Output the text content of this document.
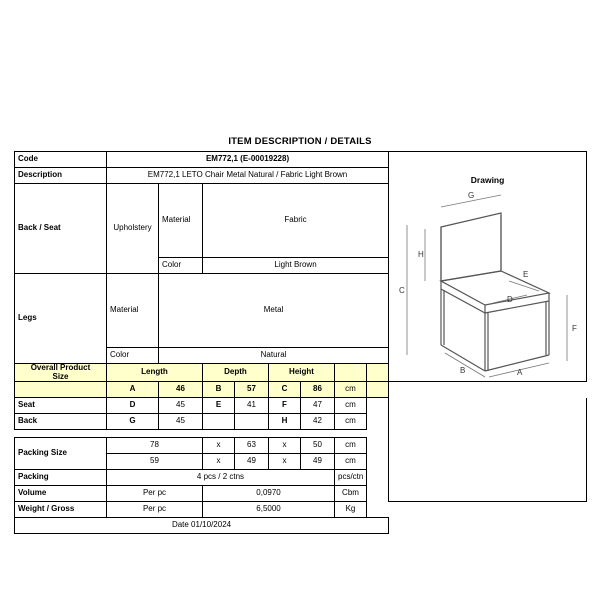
ITEM DESCRIPTION / DETAILS
Code	EM772,1 (E-00019228)	
Drawing
G
H
C
F
B	A
E
D

Description	EM772,1 LETO Chair Metal Natural / Fabric Light Brown								
Back / Seat	Upholstery	Material	Fabric						
		Color	Light Brown						
Legs	Material	Metal							
	Color	Natural							
Overall Product
Size	Length		Depth		Height				
	A	46	B	57	C	86	cm		
Seat	D	45	E	41	F	47	cm		
Back	G	45			H	42	cm		

Packing Size	78		x	63	x	50	cm		
	59		x	49	x	49	cm		
Packing	4 pcs / 2 ctns						pcs/ctn		
Volume	Per pc		0,0970				Cbm		
Weight / Gross	Per pc		6,5000				Kg		
Date 01/10/2024									
